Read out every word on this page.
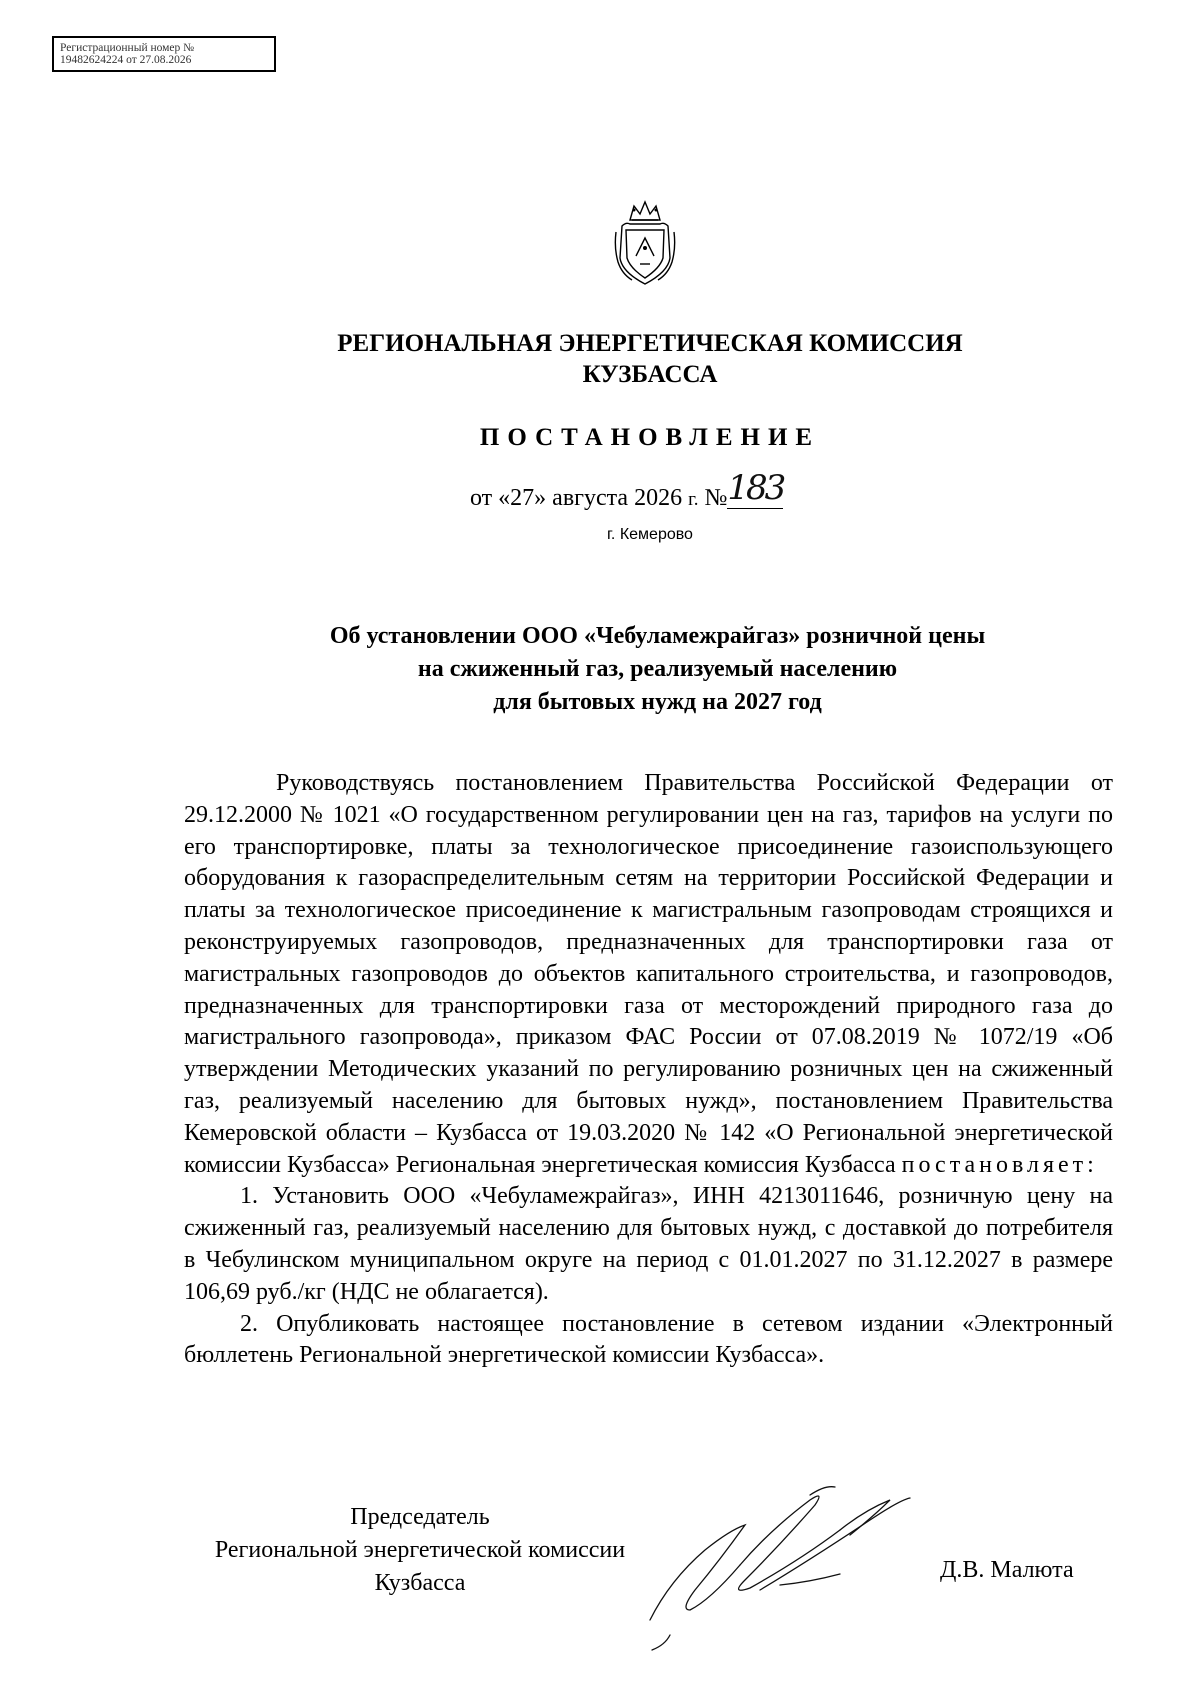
Регистрационный номер №
19482624224 от 27.08.2026
РЕГИОНАЛЬНАЯ ЭНЕРГЕТИЧЕСКАЯ КОМИССИЯ
КУЗБАССА
ПОСТАНОВЛЕНИЕ
от «27» августа 2026 г. № 183
г. Кемерово
Об установлении ООО «Чебуламежрайгаз» розничной цены
на сжиженный газ, реализуемый населению
для бытовых нужд на 2027 год

Руководствуясь постановлением Правительства Российской Федерации от 29.12.2000 № 1021 «О государственном регулировании цен на газ, тарифов на услуги по его транспортировке, платы за технологическое присоединение газоиспользующего оборудования к газораспределительным сетям на территории Российской Федерации и платы за технологическое присоединение к магистральным газопроводам строящихся и реконструируемых газопроводов, предназначенных для транспортировки газа от магистральных газопроводов до объектов капитального строительства, и газопроводов, предназначенных для транспортировки газа от месторождений природного газа до магистрального газопровода», приказом ФАС России от 07.08.2019 № 1072/19 «Об утверждении Методических указаний по регулированию розничных цен на сжиженный газ, реализуемый населению для бытовых нужд», постановлением Правительства Кемеровской области – Кузбасса от 19.03.2020 № 142 «О Региональной энергетической комиссии Кузбасса» Региональная энергетическая комиссия Кузбасса постановляет:

1. Установить ООО «Чебуламежрайгаз», ИНН 4213011646, розничную цену на сжиженный газ, реализуемый населению для бытовых нужд, с доставкой до потребителя в Чебулинском муниципальном округе на период с 01.01.2027 по 31.12.2027 в размере 106,69 руб./кг (НДС не облагается).

2. Опубликовать настоящее постановление в сетевом издании «Электронный бюллетень Региональной энергетической комиссии Кузбасса».

Председатель
Региональной энергетической комиссии
Кузбасса	Д.В. Малюта
